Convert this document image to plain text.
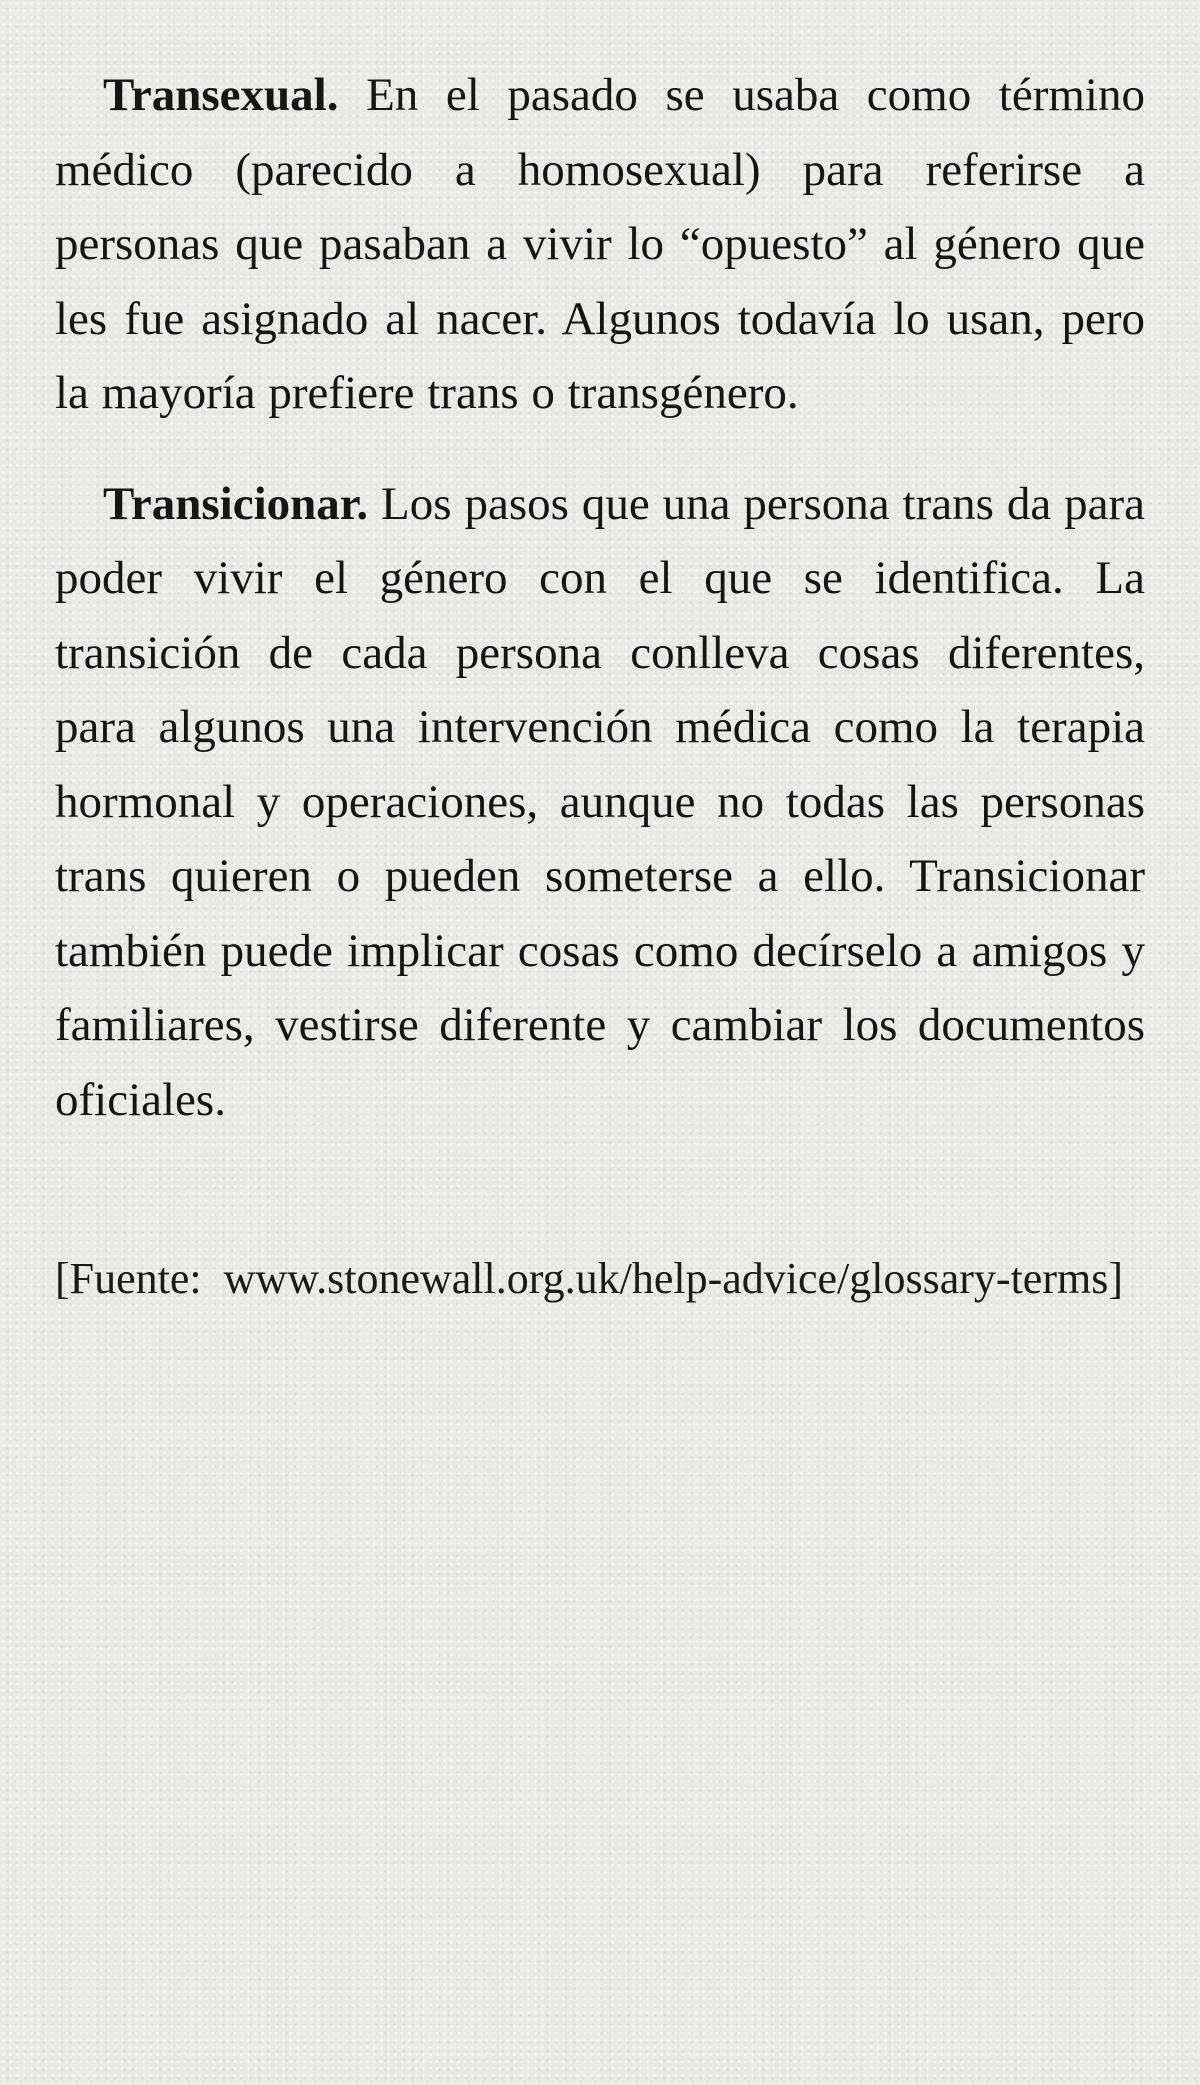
Transexual. En el pasado se usaba como término médico (parecido a homosexual) para referirse a personas que pasaban a vivir lo “opuesto” al género que les fue asignado al nacer. Algunos todavía lo usan, pero la mayoría prefiere trans o transgénero.

Transicionar. Los pasos que una persona trans da para poder vivir el género con el que se identifica. La transición de cada persona conlleva cosas diferentes, para algunos una intervención médica como la terapia hormonal y operaciones, aunque no todas las personas trans quieren o pueden someterse a ello. Transicionar también puede implicar cosas como decírselo a amigos y familiares, vestirse diferente y cambiar los documentos oficiales.

[Fuente: www.stonewall.org.uk/help-advice/glossary-terms]
